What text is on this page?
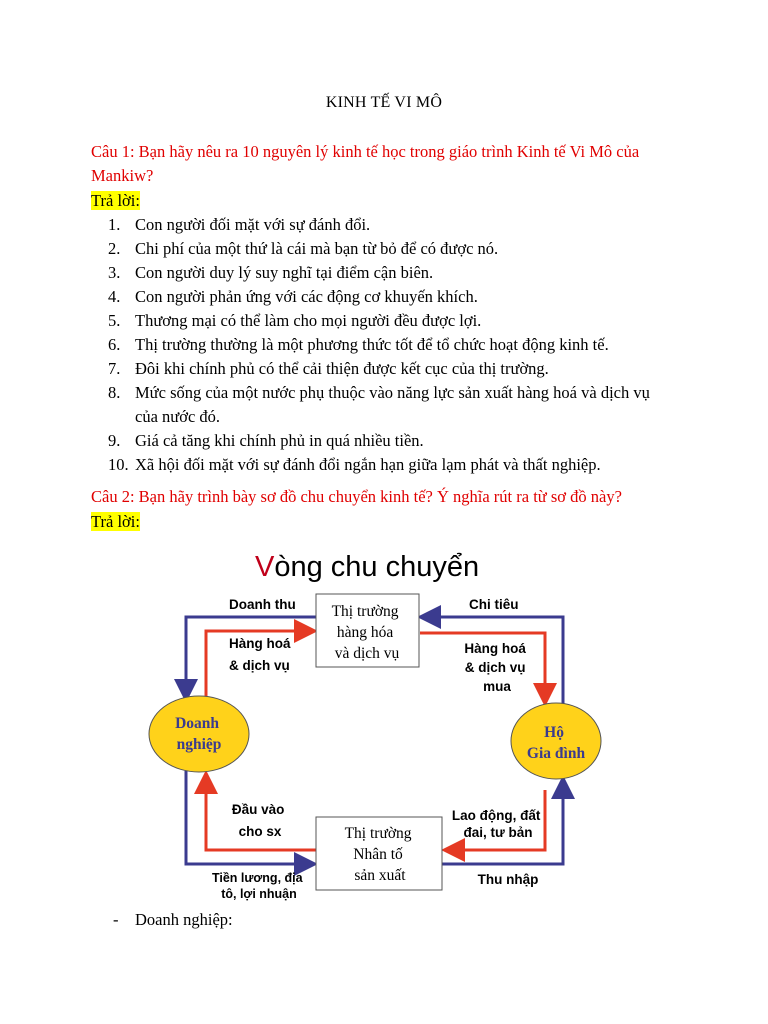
KINH TẾ VI MÔ
Câu 1: Bạn hãy nêu ra 10 nguyên lý kinh tế học trong giáo trình Kinh tế Vi Mô của Mankiw?
Trả lời:
1. Con người đối mặt với sự đánh đổi.
2. Chi phí của một thứ là cái mà bạn từ bỏ để có được nó.
3. Con người duy lý suy nghĩ tại điểm cận biên.
4. Con người phản ứng với các động cơ khuyến khích.
5. Thương mại có thể làm cho mọi người đều được lợi.
6. Thị trường thường là một phương thức tốt để tổ chức hoạt động kinh tế.
7. Đôi khi chính phủ có thể cải thiện được kết cục của thị trường.
8. Mức sống của một nước phụ thuộc vào năng lực sản xuất hàng hoá và dịch vụ của nước đó.
9. Giá cả tăng khi chính phủ in quá nhiều tiền.
10. Xã hội đối mặt với sự đánh đổi ngắn hạn giữa lạm phát và thất nghiệp.
Câu 2: Bạn hãy trình bày sơ đồ chu chuyển kinh tế? Ý nghĩa rút ra từ sơ đồ này?
Trả lời:
Vòng chu chuyển
Thị trường hàng hóa và dịch vụ
Thị trường Nhân tố sản xuất
Doanh nghiệp
Hộ Gia đình
Doanh thu	Chi tiêu
Hàng hoá & dịch vụ
Hàng hoá & dịch vụ mua
Đầu vào cho sx
Lao động, đất đai, tư bản
Tiền lương, địa tô, lợi nhuận
Thu nhập
- Doanh nghiệp:
